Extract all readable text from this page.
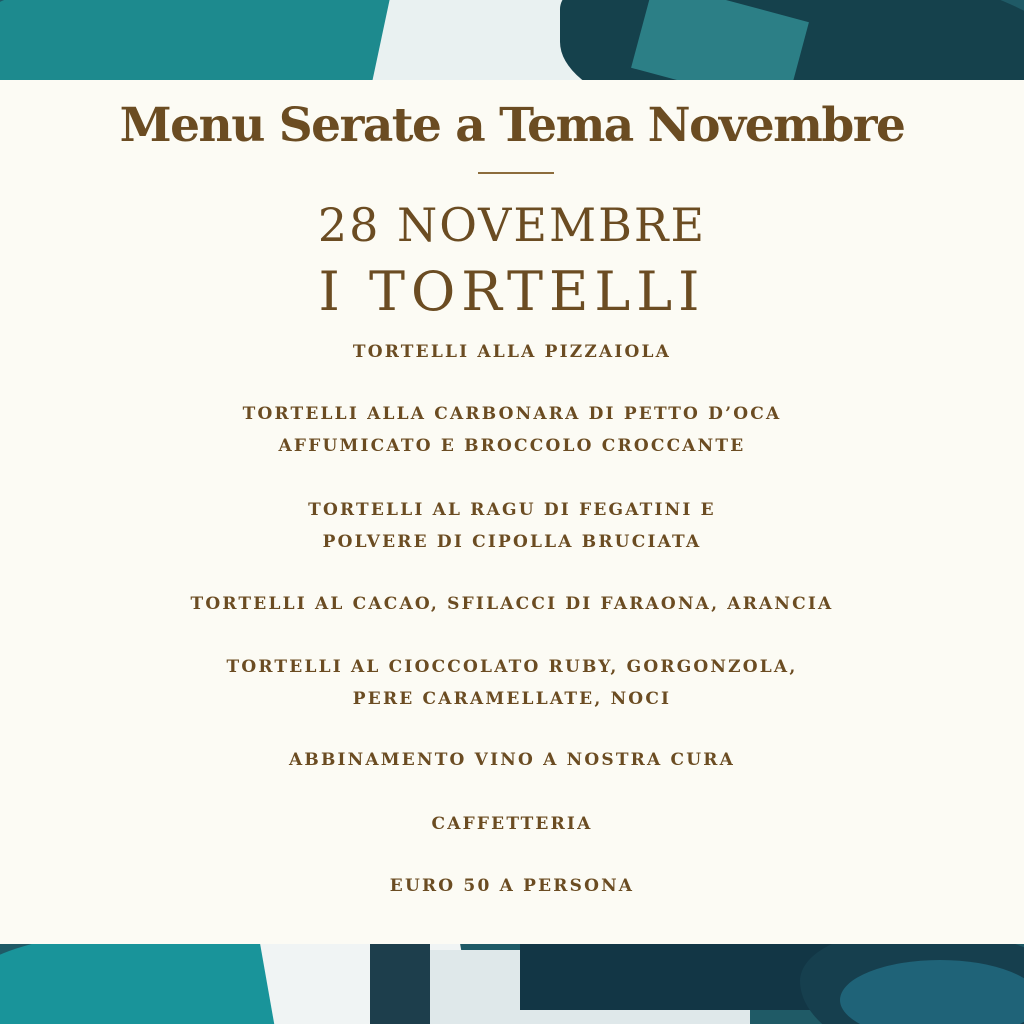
Menu Serate a Tema Novembre
28 NOVEMBRE
I TORTELLI
TORTELLI ALLA PIZZAIOLA
TORTELLI ALLA CARBONARA DI PETTO D’OCA
AFFUMICATO E BROCCOLO CROCCANTE
TORTELLI AL RAGU DI FEGATINI E
POLVERE DI CIPOLLA BRUCIATA
TORTELLI AL CACAO, SFILACCI DI FARAONA, ARANCIA
TORTELLI AL CIOCCOLATO RUBY, GORGONZOLA,
PERE CARAMELLATE, NOCI
ABBINAMENTO VINO A NOSTRA CURA
CAFFETTERIA
EURO 50 A PERSONA
